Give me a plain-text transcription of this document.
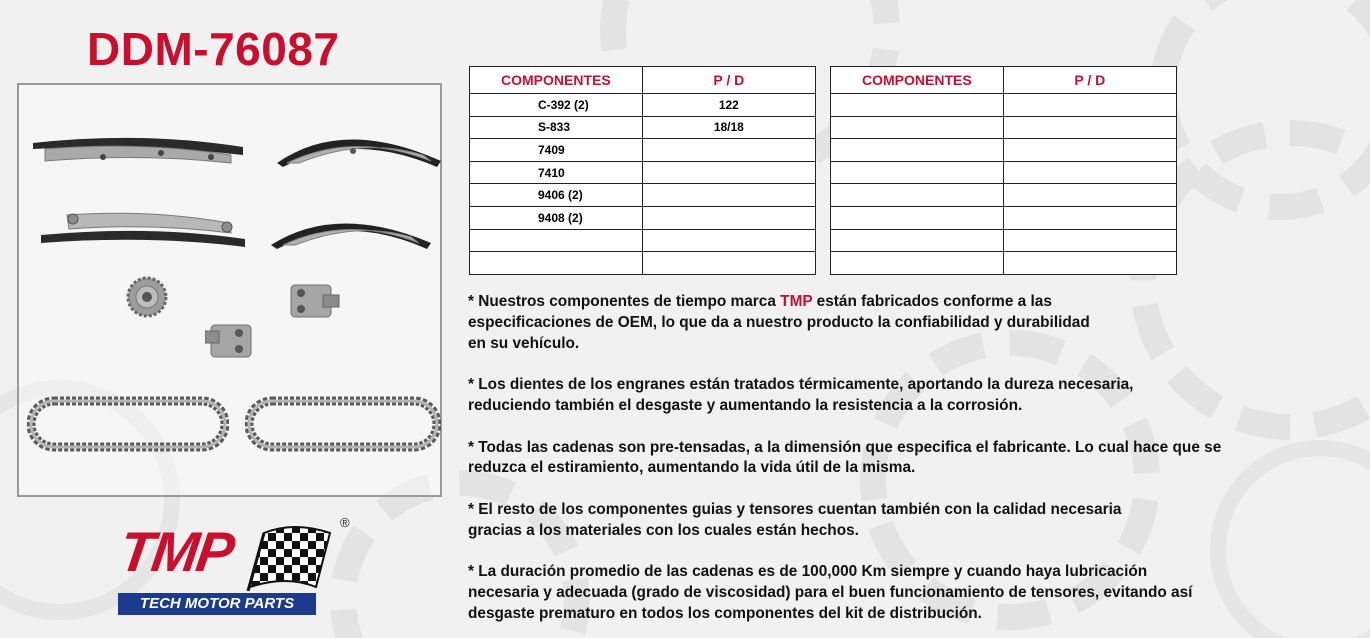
DDM-76087
COMPONENTES	P / D
C-392 (2)	122
S-833	18/18
7409	
7410	
9406 (2)	
9408 (2)	

COMPONENTES	P / D

* Nuestros componentes de tiempo marca TMP están fabricados conforme a las
especificaciones de OEM, lo que da a nuestro producto la confiabilidad y durabilidad
en su vehículo.

* Los dientes de los engranes están tratados térmicamente, aportando la dureza necesaria,
reduciendo también el desgaste y aumentando la resistencia a la corrosión.

* Todas las cadenas son pre-tensadas, a la dimensión que especifica el fabricante. Lo cual hace que se
reduzca el estiramiento, aumentando la vida útil de la misma.

* El resto de los componentes guias y tensores cuentan también con la calidad necesaria
gracias a los materiales con los cuales están hechos.

* La duración promedio de las cadenas es de 100,000 Km siempre y cuando haya lubricación
necesaria y adecuada (grado de viscosidad) para el buen funcionamiento de tensores, evitando así
desgaste prematuro en todos los componentes del kit de distribución.

TMP	®
TECH MOTOR PARTS
